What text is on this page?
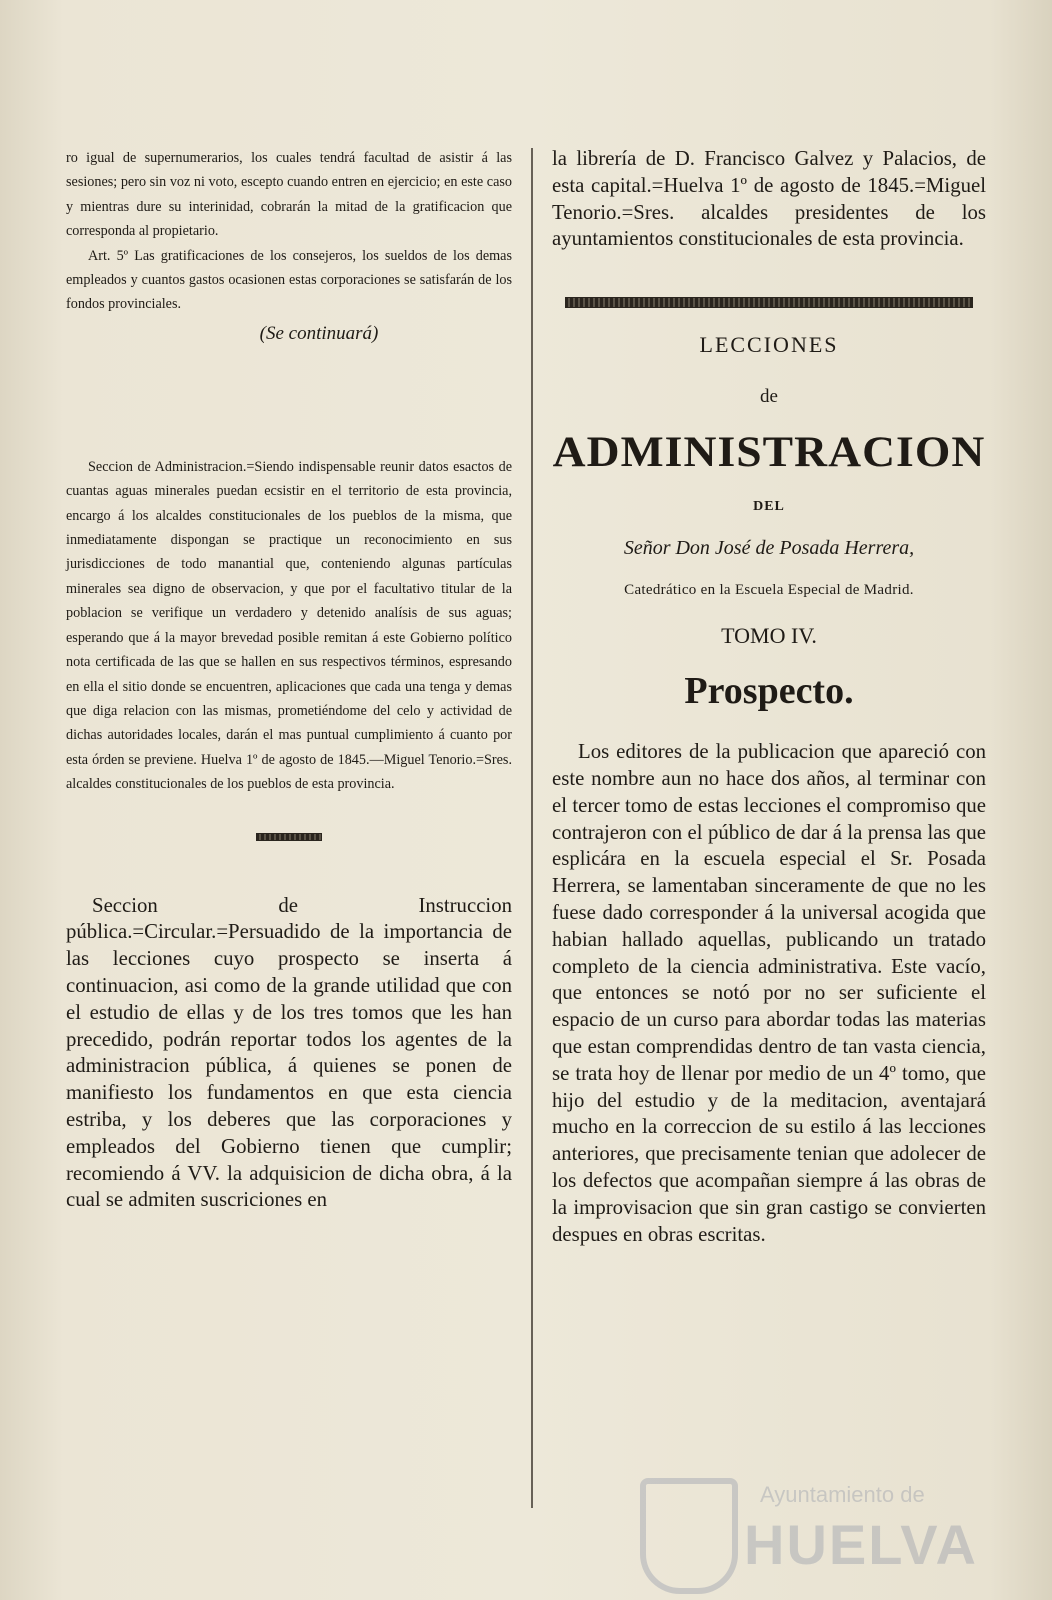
ro igual de supernumerarios, los cuales tendrá facultad de asistir á las sesiones; pero sin voz ni voto, escepto cuando entren en ejercicio; en este caso y mientras dure su interinidad, cobrarán la mitad de la gratificacion que corresponda al propietario.

Art. 5º Las gratificaciones de los consejeros, los sueldos de los demas empleados y cuantos gastos ocasionen estas corporaciones se satisfarán de los fondos provinciales.

(Se continuará)

Seccion de Administracion.=Siendo indispensable reunir datos esactos de cuantas aguas minerales puedan ecsistir en el territorio de esta provincia, encargo á los alcaldes constitucionales de los pueblos de la misma, que inmediatamente dispongan se practique un reconocimiento en sus jurisdicciones de todo manantial que, conteniendo algunas partículas minerales sea digno de observacion, y que por el facultativo titular de la poblacion se verifique un verdadero y detenido analísis de sus aguas; esperando que á la mayor brevedad posible remitan á este Gobierno político nota certificada de las que se hallen en sus respectivos términos, espresando en ella el sitio donde se encuentren, aplicaciones que cada una tenga y demas que diga relacion con las mismas, prometiéndome del celo y actividad de dichas autoridades locales, darán el mas puntual cumplimiento á cuanto por esta órden se previene. Huelva 1º de agosto de 1845.—Miguel Tenorio.=Sres. alcaldes constitucionales de los pueblos de esta provincia.

Seccion de Instruccion pública.=Circular.=Persuadido de la importancia de las lecciones cuyo prospecto se inserta á continuacion, asi como de la grande utilidad que con el estudio de ellas y de los tres tomos que les han precedido, podrán reportar todos los agentes de la administracion pública, á quienes se ponen de manifiesto los fundamentos en que esta ciencia estriba, y los deberes que las corporaciones y empleados del Gobierno tienen que cumplir; recomiendo á VV. la adquisicion de dicha obra, á la cual se admiten suscriciones en

la librería de D. Francisco Galvez y Palacios, de esta capital.=Huelva 1º de agosto de 1845.=Miguel Tenorio.=Sres. alcaldes presidentes de los ayuntamientos constitucionales de esta provincia.

LECCIONES
de
ADMINISTRACION
DEL
Señor Don José de Posada Herrera,
Catedrático en la Escuela Especial de Madrid.
TOMO IV.
Prospecto.

Los editores de la publicacion que apareció con este nombre aun no hace dos años, al terminar con el tercer tomo de estas lecciones el compromiso que contrajeron con el público de dar á la prensa las que esplicára en la escuela especial el Sr. Posada Herrera, se lamentaban sinceramente de que no les fuese dado corresponder á la universal acogida que habian hallado aquellas, publicando un tratado completo de la ciencia administrativa. Este vacío, que entonces se notó por no ser suficiente el espacio de un curso para abordar todas las materias que estan comprendidas dentro de tan vasta ciencia, se trata hoy de llenar por medio de un 4º tomo, que hijo del estudio y de la meditacion, aventajará mucho en la correccion de su estilo á las lecciones anteriores, que precisamente tenian que adolecer de los defectos que acompañan siempre á las obras de la improvisacion que sin gran castigo se convierten despues en obras escritas.

Ayuntamiento de
HUELVA
